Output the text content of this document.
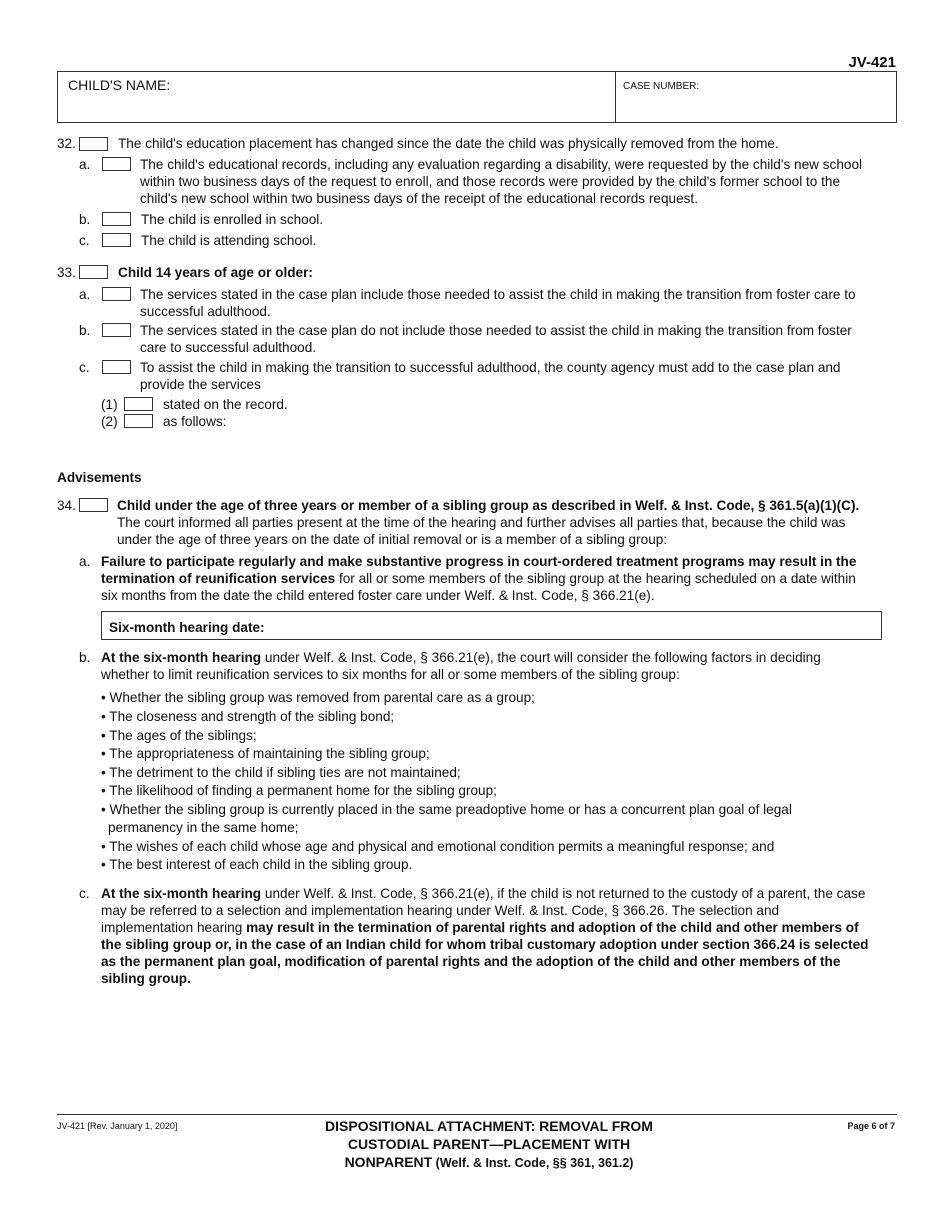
JV-421
CHILD'S NAME:	CASE NUMBER:
32.	The child's education placement has changed since the date the child was physically removed from the home.
a.	The child's educational records, including any evaluation regarding a disability, were requested by the child's new school
within two business days of the request to enroll, and those records were provided by the child's former school to the
child's new school within two business days of the receipt of the educational records request.
b.	The child is enrolled in school.
c.	The child is attending school.
33.	Child 14 years of age or older:
a.	The services stated in the case plan include those needed to assist the child in making the transition from foster care to
successful adulthood.
b.	The services stated in the case plan do not include those needed to assist the child in making the transition from foster
care to successful adulthood.
c.	To assist the child in making the transition to successful adulthood, the county agency must add to the case plan and
provide the services
(1)	stated on the record.
(2)	as follows:
Advisements
34.	Child under the age of three years or member of a sibling group as described in Welf. & Inst. Code, § 361.5(a)(1)(C).
The court informed all parties present at the time of the hearing and further advises all parties that, because the child was
under the age of three years on the date of initial removal or is a member of a sibling group:
a. Failure to participate regularly and make substantive progress in court-ordered treatment programs may result in the
termination of reunification services for all or some members of the sibling group at the hearing scheduled on a date within
six months from the date the child entered foster care under Welf. & Inst. Code, § 366.21(e).
Six-month hearing date:
b. At the six-month hearing under Welf. & Inst. Code, § 366.21(e), the court will consider the following factors in deciding
whether to limit reunification services to six months for all or some members of the sibling group:
• Whether the sibling group was removed from parental care as a group;
• The closeness and strength of the sibling bond;
• The ages of the siblings;
• The appropriateness of maintaining the sibling group;
• The detriment to the child if sibling ties are not maintained;
• The likelihood of finding a permanent home for the sibling group;
• Whether the sibling group is currently placed in the same preadoptive home or has a concurrent plan goal of legal
permanency in the same home;
• The wishes of each child whose age and physical and emotional condition permits a meaningful response; and
• The best interest of each child in the sibling group.
c. At the six-month hearing under Welf. & Inst. Code, § 366.21(e), if the child is not returned to the custody of a parent, the case
may be referred to a selection and implementation hearing under Welf. & Inst. Code, § 366.26. The selection and
implementation hearing may result in the termination of parental rights and adoption of the child and other members of
the sibling group or, in the case of an Indian child for whom tribal customary adoption under section 366.24 is selected
as the permanent plan goal, modification of parental rights and the adoption of the child and other members of the
sibling group.
JV-421 [Rev. January 1, 2020]	DISPOSITIONAL ATTACHMENT: REMOVAL FROM
CUSTODIAL PARENT—PLACEMENT WITH
NONPARENT (Welf. & Inst. Code, §§ 361, 361.2)
Page 6 of 7
